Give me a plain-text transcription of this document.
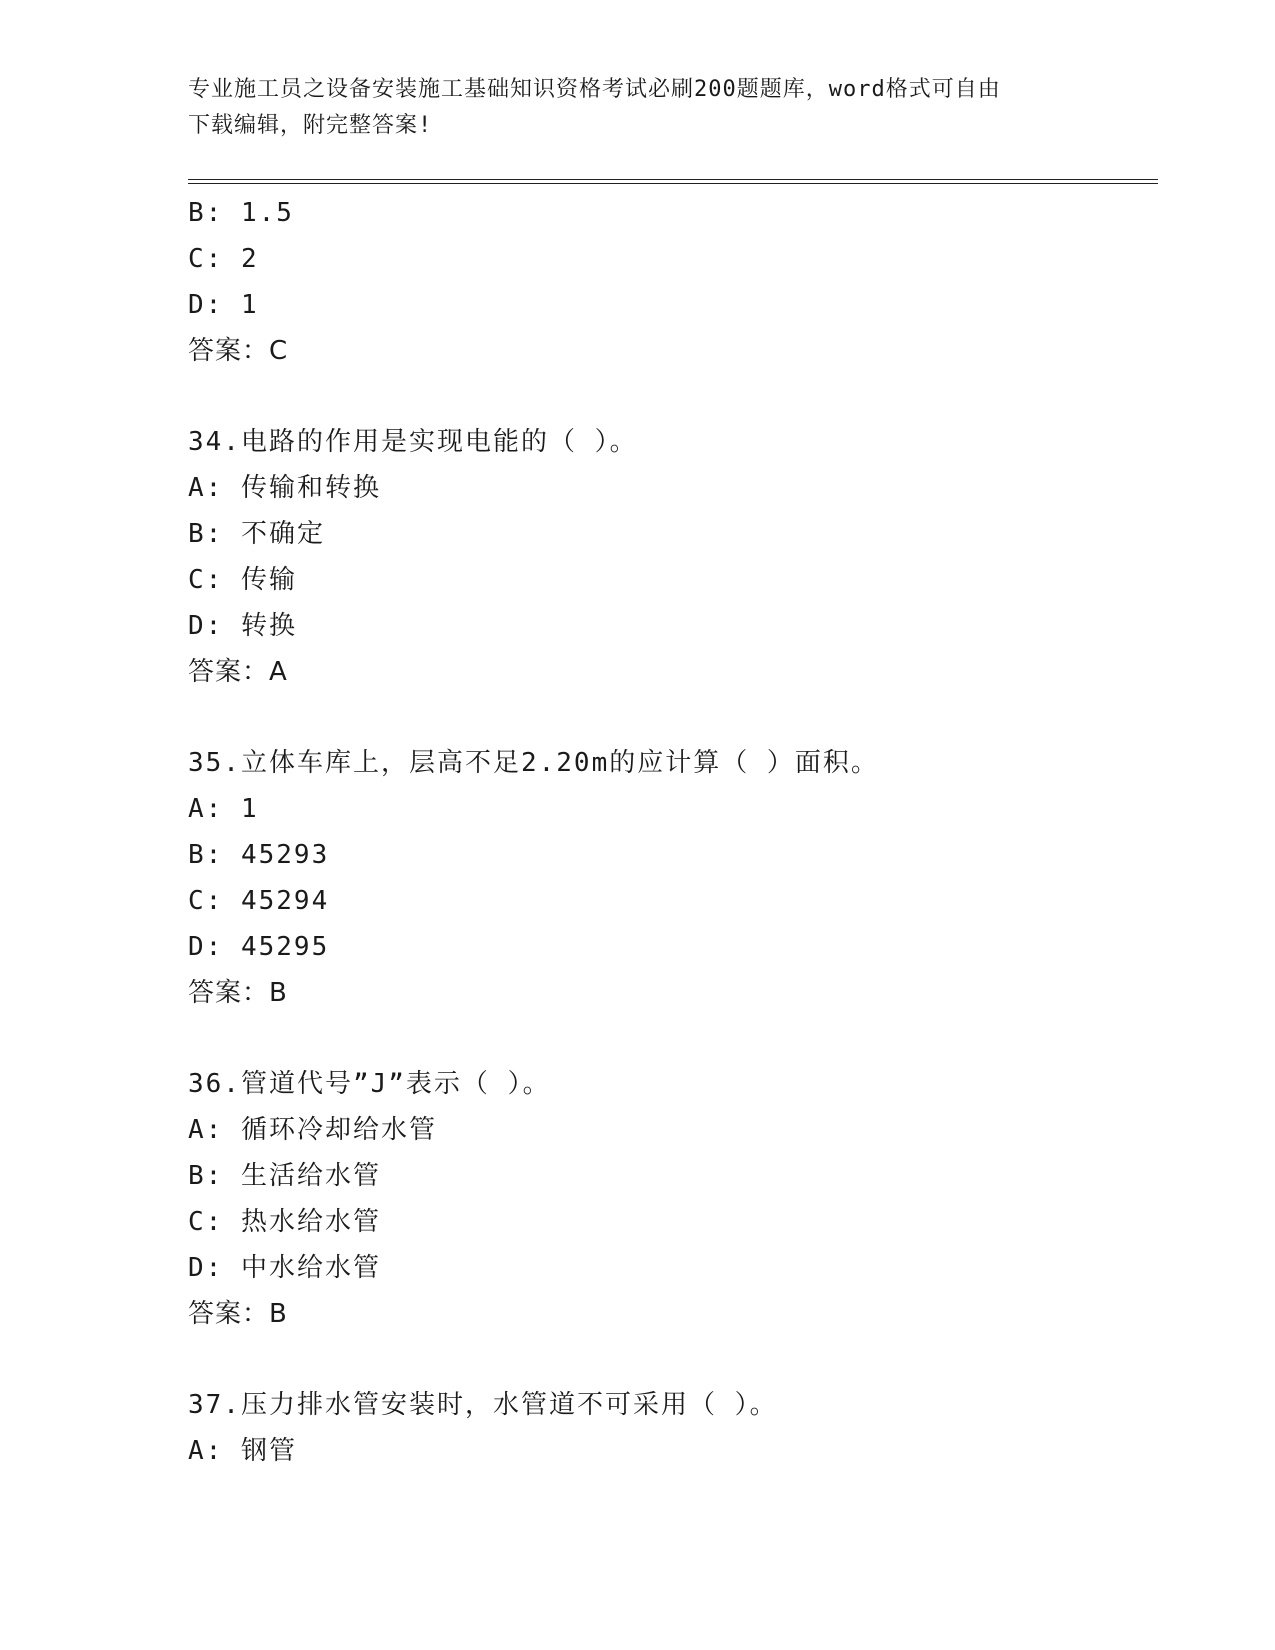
专业施工员之设备安装施工基础知识资格考试必刷200题题库，word格式可自由
下载编辑，附完整答案!
B: 1.5
C: 2
D: 1
答案：C
34.电路的作用是实现电能的（ ）。
A: 传输和转换
B: 不确定
C: 传输
D: 转换
答案：A
35.立体车库上，层高不足2.20m的应计算（ ）面积。
A: 1
B: 45293
C: 45294
D: 45295
答案：B
36.管道代号”J”表示（ ）。
A: 循环冷却给水管
B: 生活给水管
C: 热水给水管
D: 中水给水管
答案：B
37.压力排水管安装时，水管道不可采用（ ）。
A: 钢管
